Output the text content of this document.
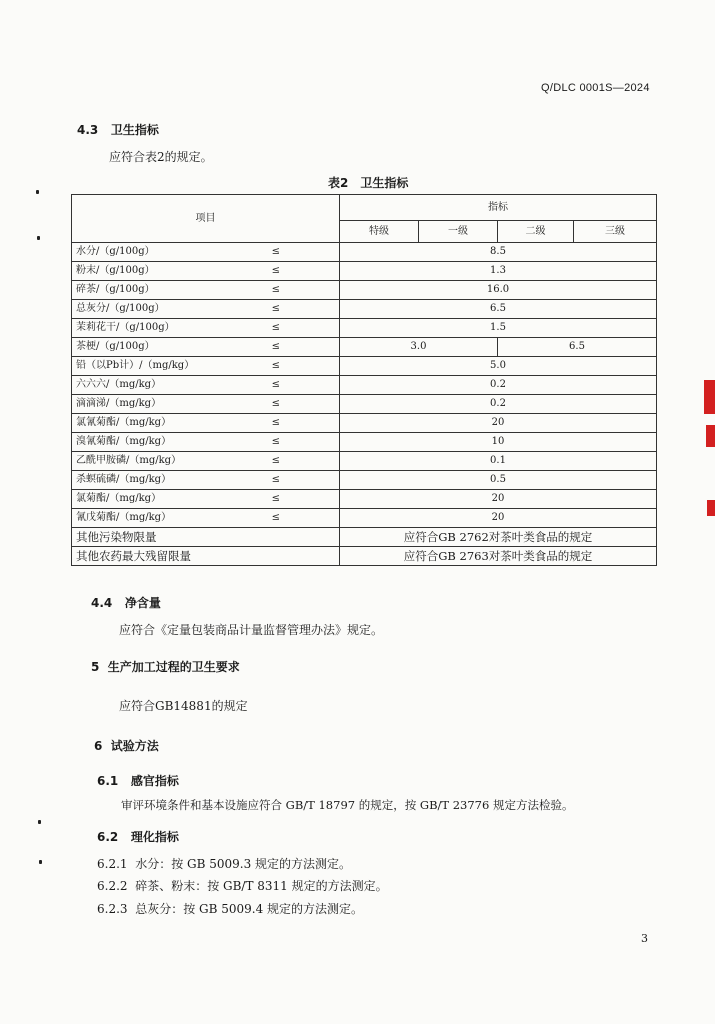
Q/DLC 0001S—2024
4.3 卫生指标
应符合表2的规定。
表2　卫生指标
项目	指标			
	特级	一级	二级	三级

水分/（g/100g） ≤	8.5			

粉末/（g/100g） ≤	1.3			

碎茶/（g/100g） ≤	16.0			

总灰分/（g/100g） ≤	6.5			

茉莉花干/（g/100g） ≤	1.5			

茶梗/（g/100g） ≤	3.0		6.5	

铅（以Pb计）/（mg/kg） ≤	5.0			

六六六/（mg/kg） ≤	0.2			

滴滴涕/（mg/kg） ≤	0.2			

氯氰菊酯/（mg/kg） ≤	20			

溴氰菊酯/（mg/kg） ≤	10			

乙酰甲胺磷/（mg/kg） ≤	0.1			

杀螟硫磷/（mg/kg） ≤	0.5			

氯菊酯/（mg/kg） ≤	20			

氰戊菊酯/（mg/kg） ≤	20			
其他污染物限量	应符合GB 2762对茶叶类食品的规定			
其他农药最大残留限量	应符合GB 2763对茶叶类食品的规定			
4.4 净含量
应符合《定量包装商品计量监督管理办法》规定。
5 生产加工过程的卫生要求
应符合GB14881的规定
6 试验方法
6.1 感官指标
审评环境条件和基本设施应符合 GB/T 18797 的规定，按 GB/T 23776 规定方法检验。
6.2 理化指标
6.2.1 水分：按 GB 5009.3 规定的方法测定。
6.2.2 碎茶、粉末：按 GB/T 8311 规定的方法测定。
6.2.3 总灰分：按 GB 5009.4 规定的方法测定。
3
